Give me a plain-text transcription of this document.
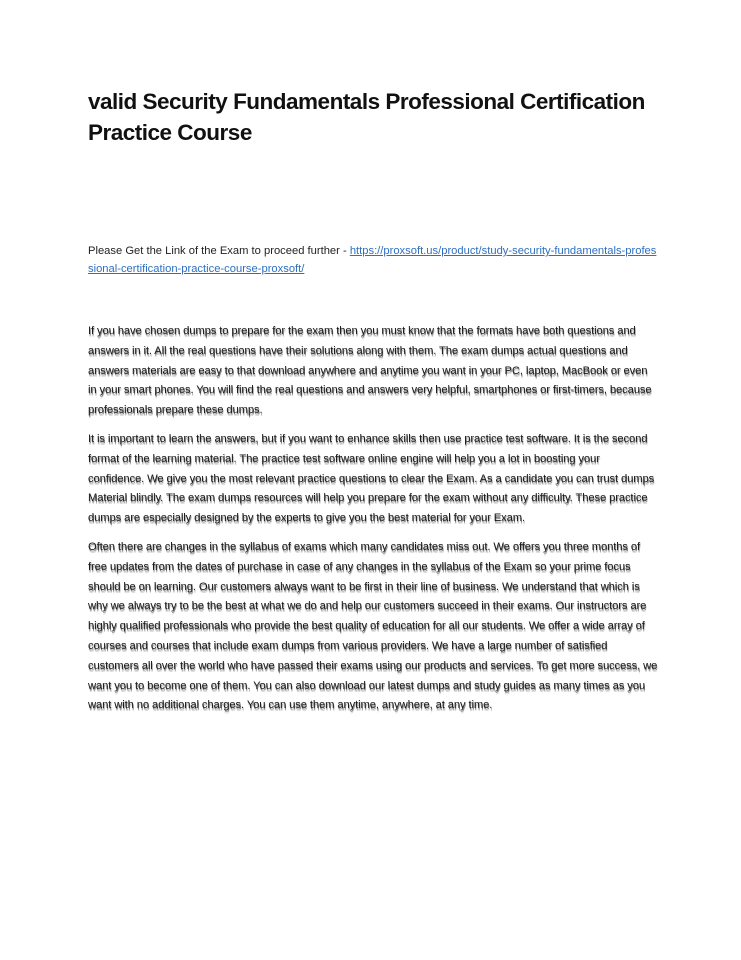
valid Security Fundamentals Professional Certification Practice Course
Please Get the Link of the Exam to proceed further - https://proxsoft.us/product/study-security-fundamentals-professional-certification-practice-course-proxsoft/

If you have chosen dumps to prepare for the exam then you must know that the formats have both questions and answers in it. All the real questions have their solutions along with them. The exam dumps actual questions and answers materials are easy to that download anywhere and anytime you want in your PC, laptop, MacBook or even in your smart phones. You will find the real questions and answers very helpful, smartphones or first-timers, because professionals prepare these dumps.

It is important to learn the answers, but if you want to enhance skills then use practice test software. It is the second format of the learning material. The practice test software online engine will help you a lot in boosting your confidence. We give you the most relevant practice questions to clear the Exam. As a candidate you can trust dumps Material blindly. The exam dumps resources will help you prepare for the exam without any difficulty. These practice dumps are especially designed by the experts to give you the best material for your Exam.

Often there are changes in the syllabus of exams which many candidates miss out. We offers you three months of free updates from the dates of purchase in case of any changes in the syllabus of the Exam so your prime focus should be on learning. Our customers always want to be first in their line of business. We understand that which is why we always try to be the best at what we do and help our customers succeed in their exams. Our instructors are highly qualified professionals who provide the best quality of education for all our students. We offer a wide array of courses and courses that include exam dumps from various providers. We have a large number of satisfied customers all over the world who have passed their exams using our products and services. To get more success, we want you to become one of them. You can also download our latest dumps and study guides as many times as you want with no additional charges. You can use them anytime, anywhere, at any time.
